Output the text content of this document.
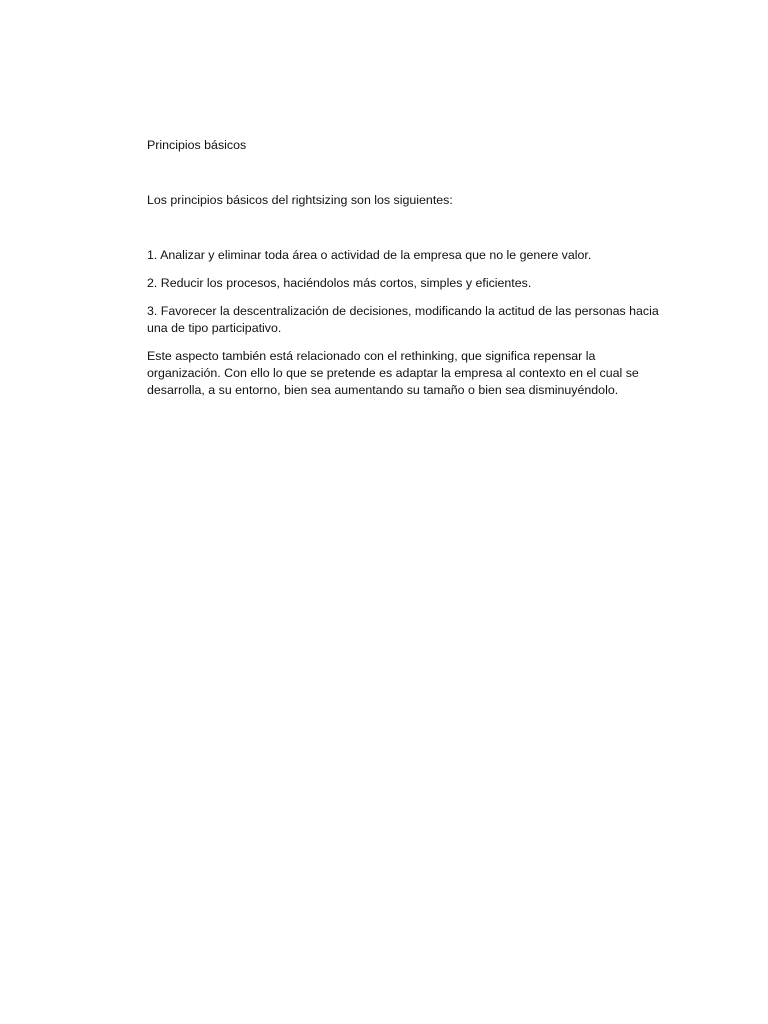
Principios básicos

Los principios básicos del rightsizing son los siguientes:

1. Analizar y eliminar toda área o actividad de la empresa que no le genere valor.

2. Reducir los procesos, haciéndolos más cortos, simples y eficientes.

3. Favorecer la descentralización de decisiones, modificando la actitud de las personas hacia una de tipo participativo.

Este aspecto también está relacionado con el rethinking, que significa repensar la organización. Con ello lo que se pretende es adaptar la empresa al contexto en el cual se desarrolla, a su entorno, bien sea aumentando su tamaño o bien sea disminuyéndolo.
